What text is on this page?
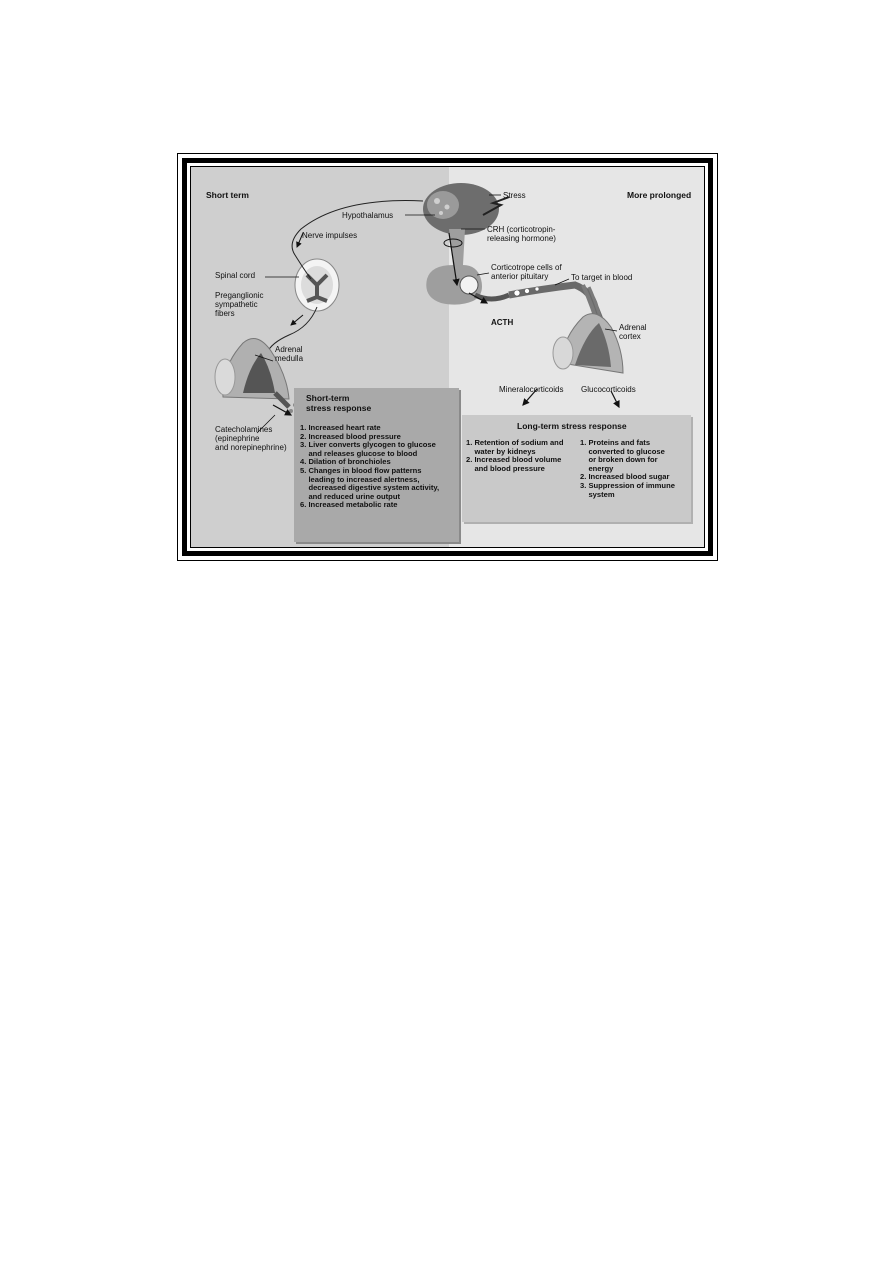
Short term	More prolonged
Stress
Hypothalamus
Nerve impulses
CRH (corticotropin-
releasing hormone)
Spinal cord
Corticotrope cells of
anterior pituitary	To target in blood
Preganglionic
sympathetic
fibers
ACTH
Adrenal
medulla
Adrenal
cortex
Mineralocorticoids Glucocorticoids
Catecholamines
(epinephrine
and norepinephrine)
Short-term
stress response
1. Increased heart rate
2. Increased blood pressure
3. Liver converts glycogen to glucose
and releases glucose to blood
4. Dilation of bronchioles
5. Changes in blood flow patterns
leading to increased alertness,
decreased digestive system activity,
and reduced urine output
6. Increased metabolic rate
Long-term stress response
1. Retention of sodium and
water by kidneys
2. Increased blood volume
and blood pressure
1. Proteins and fats
converted to glucose
or broken down for
energy
2. Increased blood sugar
3. Suppression of immune
system
